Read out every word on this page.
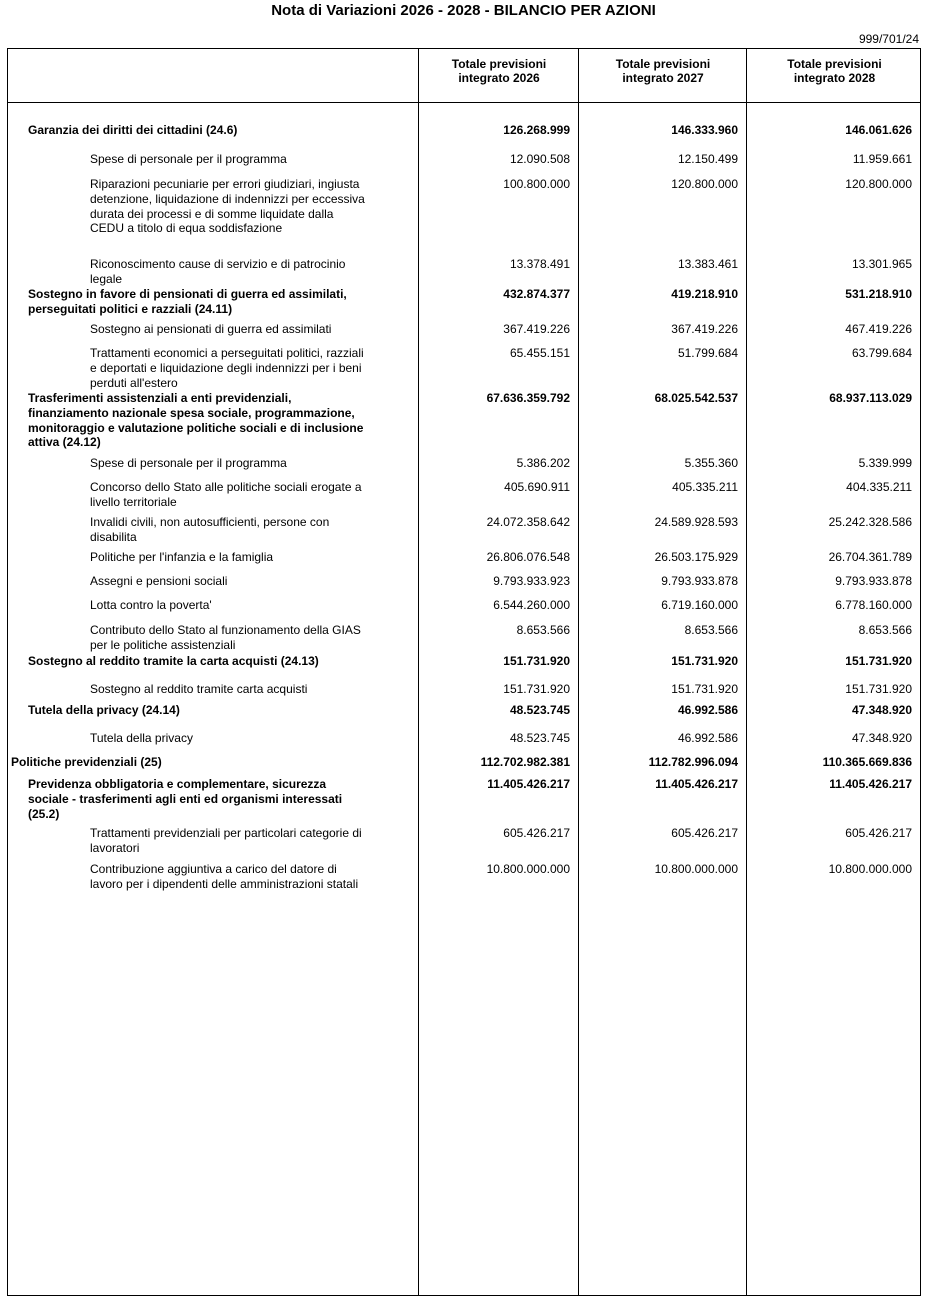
Nota di Variazioni 2026 - 2028 - BILANCIO PER AZIONI
999/701/24
Totale previsioni
integrato 2026
Totale previsioni
integrato 2027
Totale previsioni
integrato 2028
Garanzia dei diritti dei cittadini (24.6)	126.268.999	146.333.960	146.061.626
Spese di personale per il programma	12.090.508	12.150.499	11.959.661
Riparazioni pecuniarie per errori giudiziari, ingiusta detenzione, liquidazione di indennizzi per eccessiva durata dei processi e di somme liquidate dalla CEDU a titolo di equa soddisfazione
100.800.000	120.800.000	120.800.000
Riconoscimento cause di servizio e di patrocinio legale
13.378.491	13.383.461	13.301.965
Sostegno in favore di pensionati di guerra ed assimilati, perseguitati politici e razziali (24.11)
432.874.377	419.218.910	531.218.910
Sostegno ai pensionati di guerra ed assimilati	367.419.226	367.419.226	467.419.226
Trattamenti economici a perseguitati politici, razziali e deportati e liquidazione degli indennizzi per i beni perduti all'estero
65.455.151	51.799.684	63.799.684
Trasferimenti assistenziali a enti previdenziali, finanziamento nazionale spesa sociale, programmazione, monitoraggio e valutazione politiche sociali e di inclusione attiva (24.12)
67.636.359.792	68.025.542.537	68.937.113.029
Spese di personale per il programma	5.386.202	5.355.360	5.339.999
Concorso dello Stato alle politiche sociali erogate a livello territoriale
405.690.911	405.335.211	404.335.211
Invalidi civili, non autosufficienti, persone con disabilita
24.072.358.642	24.589.928.593	25.242.328.586
Politiche per l'infanzia e la famiglia	26.806.076.548	26.503.175.929	26.704.361.789
Assegni e pensioni sociali	9.793.933.923	9.793.933.878	9.793.933.878
Lotta contro la poverta'	6.544.260.000	6.719.160.000	6.778.160.000
Contributo dello Stato al funzionamento della GIAS per le politiche assistenziali
8.653.566	8.653.566	8.653.566
Sostegno al reddito tramite la carta acquisti (24.13)	151.731.920	151.731.920	151.731.920
Sostegno al reddito tramite carta acquisti	151.731.920	151.731.920	151.731.920
Tutela della privacy (24.14)	48.523.745	46.992.586	47.348.920
Tutela della privacy	48.523.745	46.992.586	47.348.920
Politiche previdenziali (25)	112.702.982.381	112.782.996.094	110.365.669.836
Previdenza obbligatoria e complementare, sicurezza sociale - trasferimenti agli enti ed organismi interessati (25.2)
11.405.426.217	11.405.426.217	11.405.426.217
Trattamenti previdenziali per particolari categorie di lavoratori
605.426.217	605.426.217	605.426.217
Contribuzione aggiuntiva a carico del datore di lavoro per i dipendenti delle amministrazioni statali
10.800.000.000	10.800.000.000	10.800.000.000
